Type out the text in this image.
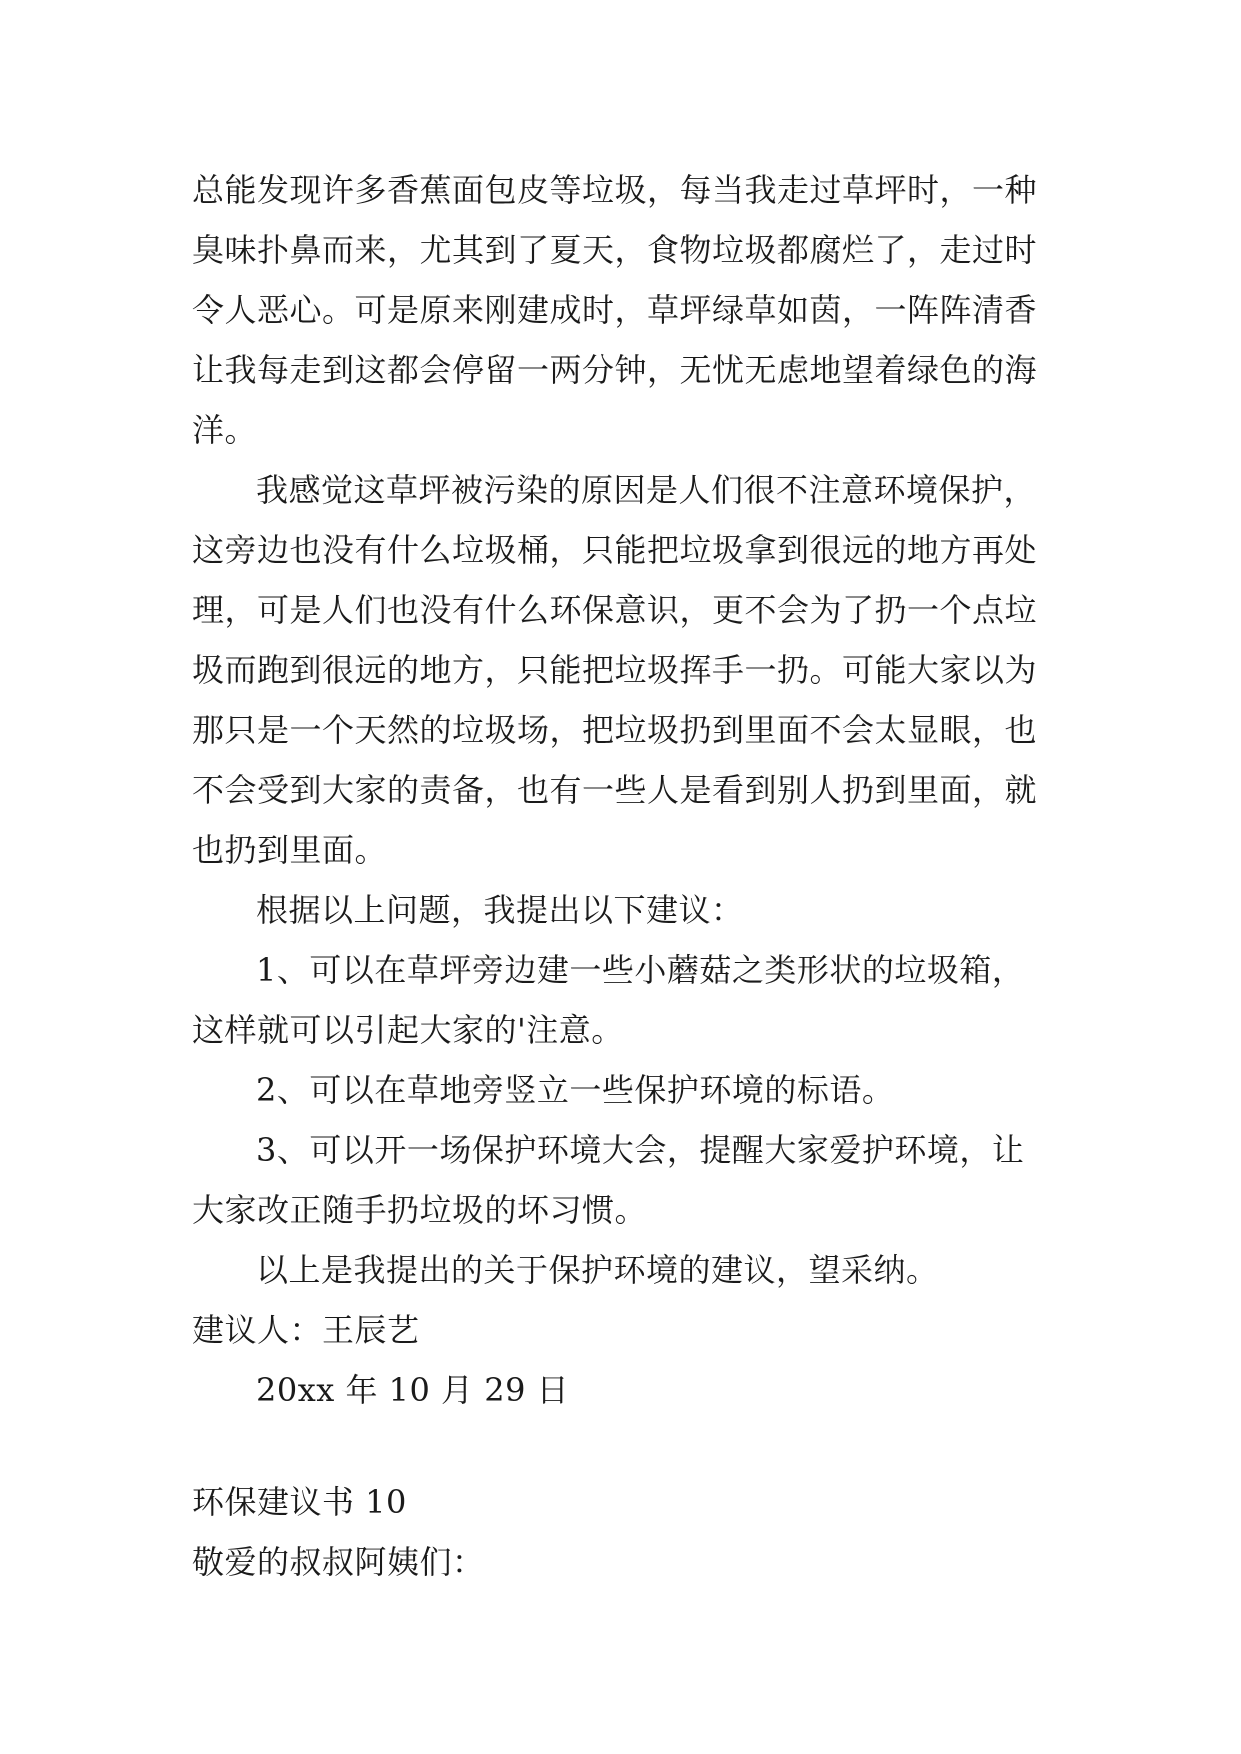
总能发现许多香蕉面包皮等垃圾，每当我走过草坪时，一种
臭味扑鼻而来，尤其到了夏天，食物垃圾都腐烂了，走过时
令人恶心。可是原来刚建成时，草坪绿草如茵，一阵阵清香
让我每走到这都会停留一两分钟，无忧无虑地望着绿色的海
洋。
我感觉这草坪被污染的原因是人们很不注意环境保护，
这旁边也没有什么垃圾桶，只能把垃圾拿到很远的地方再处
理，可是人们也没有什么环保意识，更不会为了扔一个点垃
圾而跑到很远的地方，只能把垃圾挥手一扔。可能大家以为
那只是一个天然的垃圾场，把垃圾扔到里面不会太显眼，也
不会受到大家的责备，也有一些人是看到别人扔到里面，就
也扔到里面。
根据以上问题，我提出以下建议：
1、可以在草坪旁边建一些小蘑菇之类形状的垃圾箱，
这样就可以引起大家的'注意。
2、可以在草地旁竖立一些保护环境的标语。
3、可以开一场保护环境大会，提醒大家爱护环境，让
大家改正随手扔垃圾的坏习惯。
以上是我提出的关于保护环境的建议，望采纳。
建议人：王辰艺
20xx 年 10 月 29 日
环保建议书 10
敬爱的叔叔阿姨们：
